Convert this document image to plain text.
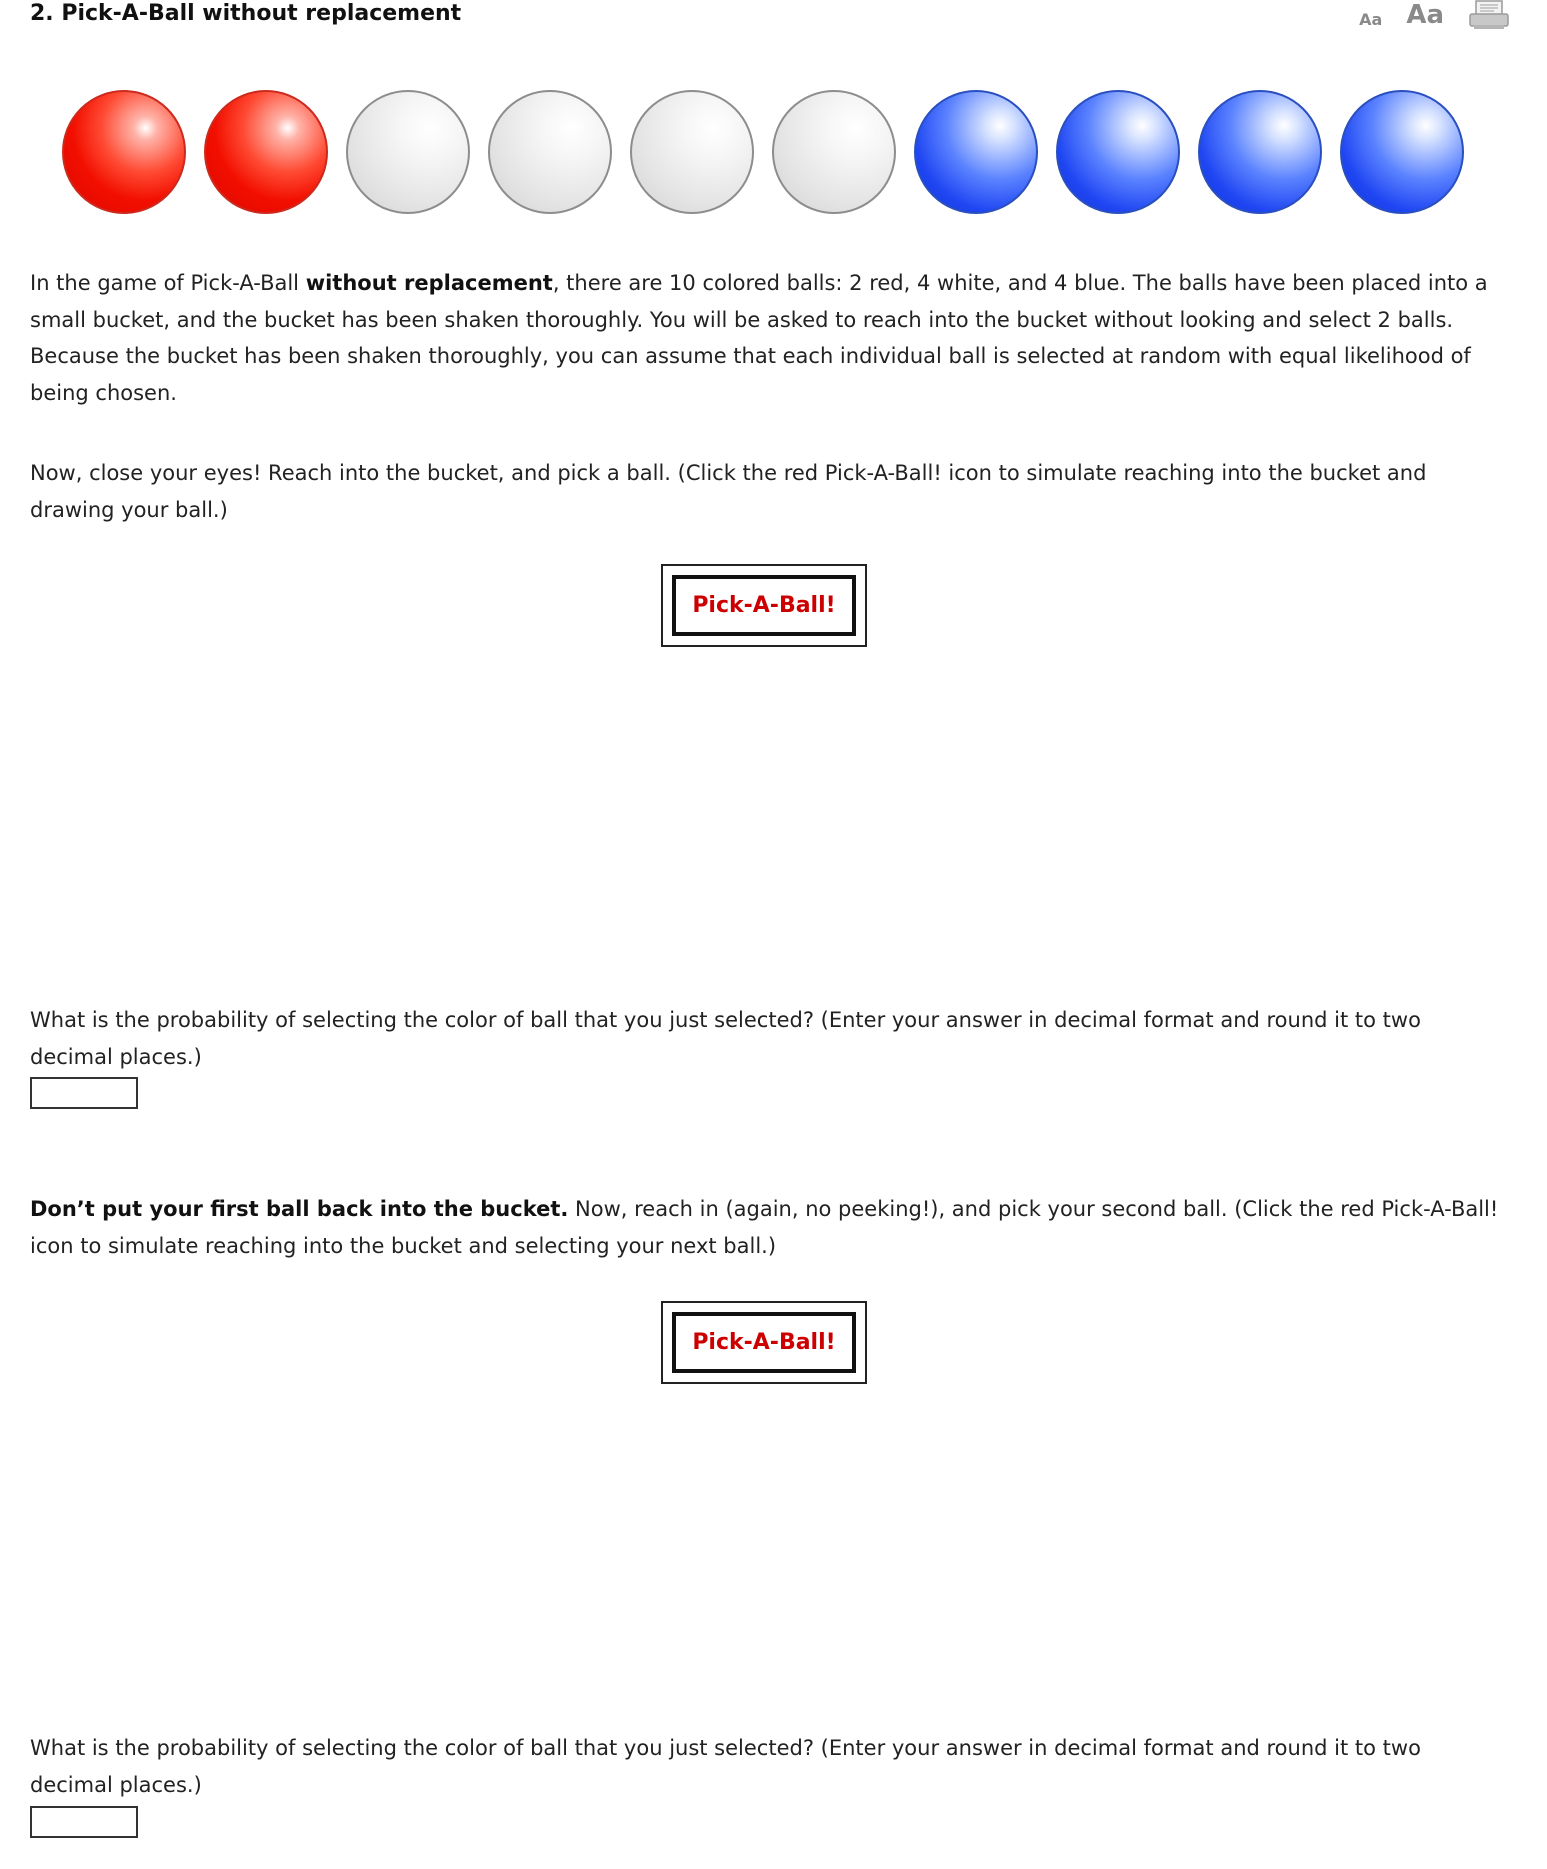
2. Pick-A-Ball without replacement	Aa Aa

In the game of Pick-A-Ball without replacement, there are 10 colored balls: 2 red, 4 white, and 4 blue. The balls have been placed into a small bucket, and the bucket has been shaken thoroughly. You will be asked to reach into the bucket without looking and select 2 balls. Because the bucket has been shaken thoroughly, you can assume that each individual ball is selected at random with equal likelihood of being chosen.

Now, close your eyes! Reach into the bucket, and pick a ball. (Click the red Pick-A-Ball! icon to simulate reaching into the bucket and drawing your ball.)

Pick-A-Ball!

What is the probability of selecting the color of ball that you just selected? (Enter your answer in decimal format and round it to two decimal places.)

Don’t put your first ball back into the bucket. Now, reach in (again, no peeking!), and pick your second ball. (Click the red Pick-A-Ball! icon to simulate reaching into the bucket and selecting your next ball.)

Pick-A-Ball!

What is the probability of selecting the color of ball that you just selected? (Enter your answer in decimal format and round it to two decimal places.)
